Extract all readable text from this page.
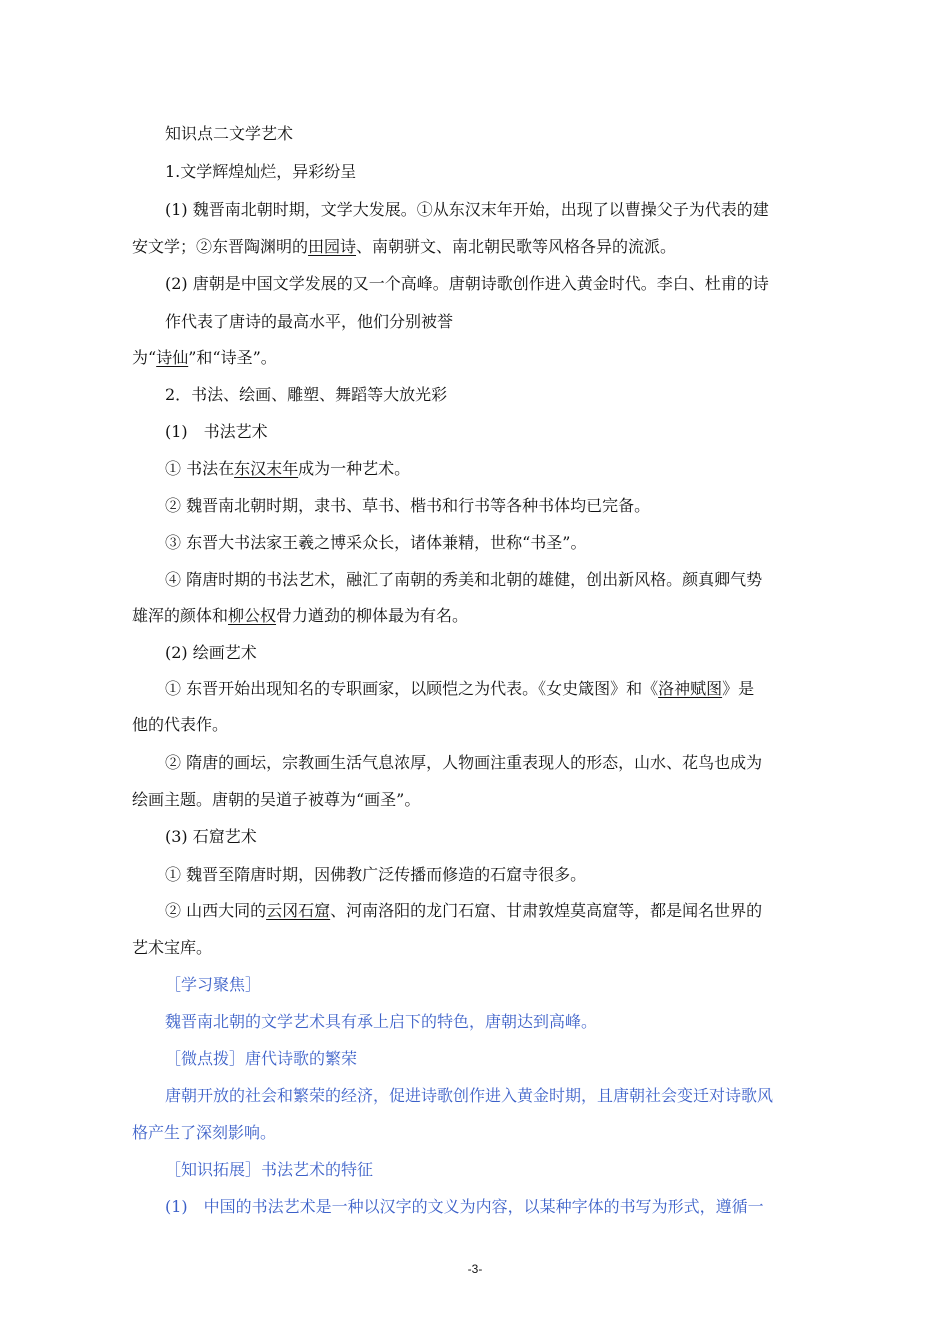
知识点二文学艺术
1.文学辉煌灿烂，异彩纷呈
(1) 魏晋南北朝时期，文学大发展。①从东汉末年开始，出现了以曹操父子为代表的建
安文学；②东晋陶渊明的田园诗、南朝骈文、南北朝民歌等风格各异的流派。
(2) 唐朝是中国文学发展的又一个高峰。唐朝诗歌创作进入黄金时代。李白、杜甫的诗
作代表了唐诗的最高水平，他们分别被誉
为“诗仙”和“诗圣”。
2．书法、绘画、雕塑、舞蹈等大放光彩
(1)　书法艺术
① 书法在东汉末年成为一种艺术。
② 魏晋南北朝时期，隶书、草书、楷书和行书等各种书体均已完备。
③ 东晋大书法家王羲之博采众长，诸体兼精，世称“书圣”。
④ 隋唐时期的书法艺术，融汇了南朝的秀美和北朝的雄健，创出新风格。颜真卿气势
雄浑的颜体和柳公权骨力遒劲的柳体最为有名。
(2) 绘画艺术
① 东晋开始出现知名的专职画家，以顾恺之为代表。《女史箴图》和《洛神赋图》是
他的代表作。
② 隋唐的画坛，宗教画生活气息浓厚，人物画注重表现人的形态，山水、花鸟也成为
绘画主题。唐朝的吴道子被尊为“画圣”。
(3) 石窟艺术
① 魏晋至隋唐时期，因佛教广泛传播而修造的石窟寺很多。
② 山西大同的云冈石窟、河南洛阳的龙门石窟、甘肃敦煌莫高窟等，都是闻名世界的
艺术宝库。
［学习聚焦］
魏晋南北朝的文学艺术具有承上启下的特色，唐朝达到高峰。
［微点拨］唐代诗歌的繁荣
唐朝开放的社会和繁荣的经济，促进诗歌创作进入黄金时期，且唐朝社会变迁对诗歌风
格产生了深刻影响。
［知识拓展］书法艺术的特征
(1)　中国的书法艺术是一种以汉字的文义为内容，以某种字体的书写为形式，遵循一
-3-
